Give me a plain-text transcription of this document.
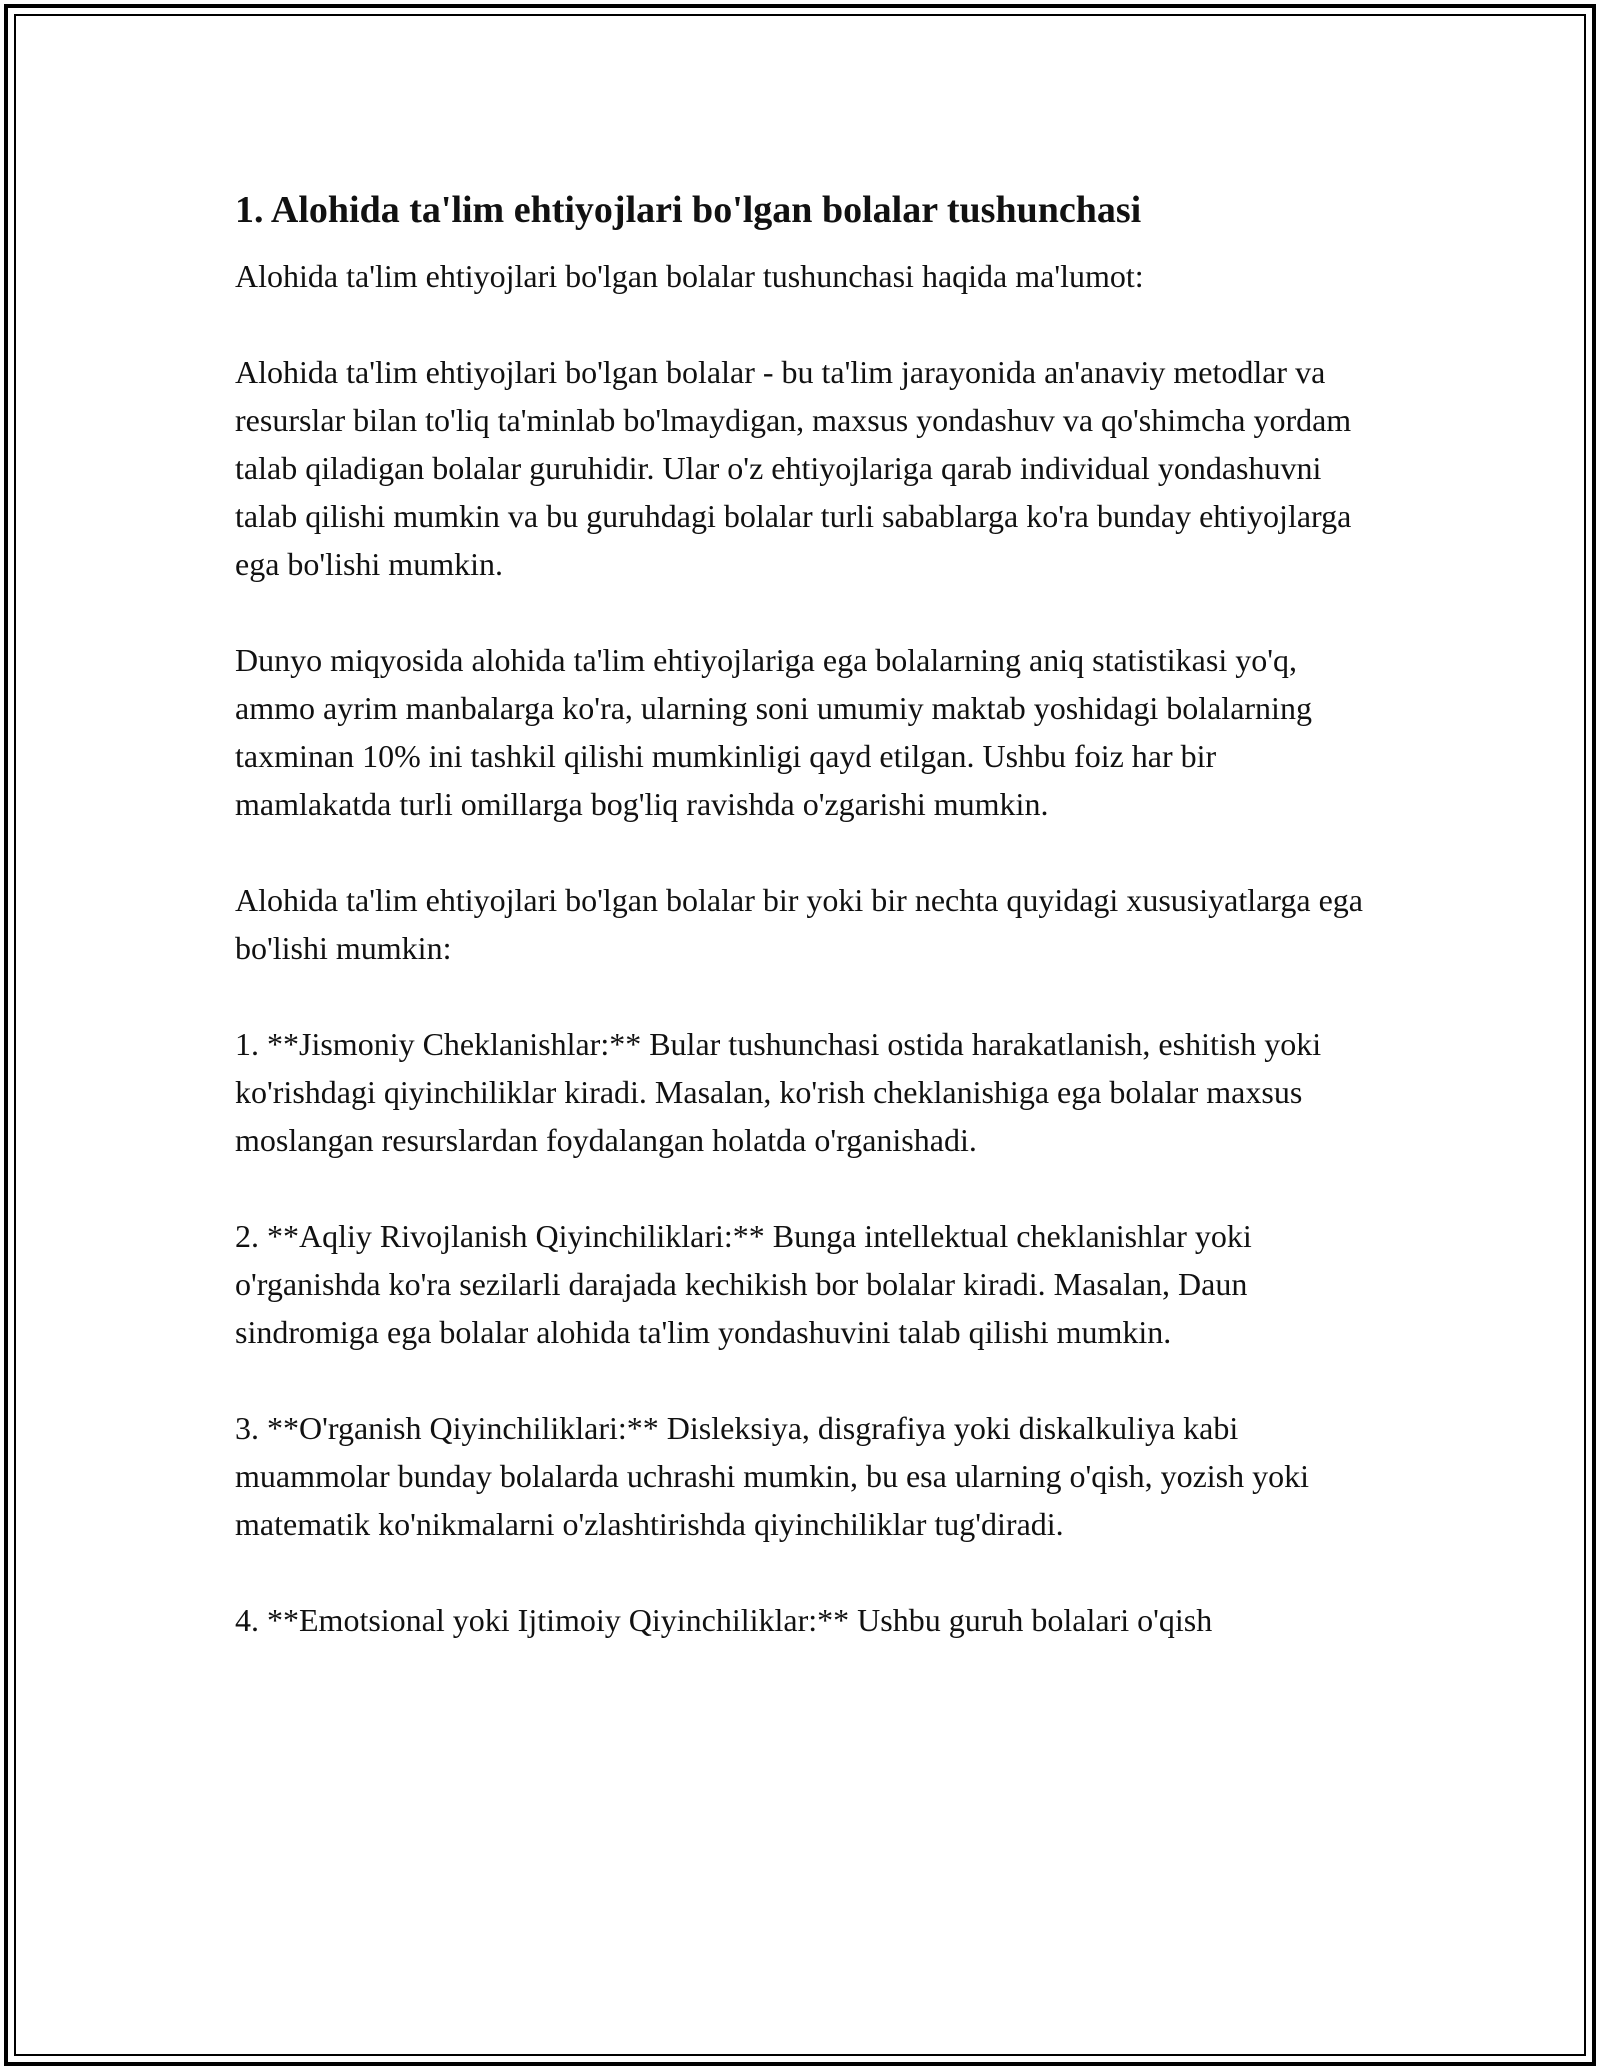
1. Alohida ta'lim ehtiyojlari bo'lgan bolalar tushunchasi

Alohida ta'lim ehtiyojlari bo'lgan bolalar tushunchasi haqida ma'lumot:

Alohida ta'lim ehtiyojlari bo'lgan bolalar - bu ta'lim jarayonida an'anaviy metodlar va resurslar bilan to'liq ta'minlab bo'lmaydigan, maxsus yondashuv va qo'shimcha yordam talab qiladigan bolalar guruhidir. Ular o'z ehtiyojlariga qarab individual yondashuvni talab qilishi mumkin va bu guruhdagi bolalar turli sabablarga ko'ra bunday ehtiyojlarga ega bo'lishi mumkin.

Dunyo miqyosida alohida ta'lim ehtiyojlariga ega bolalarning aniq statistikasi yo'q, ammo ayrim manbalarga ko'ra, ularning soni umumiy maktab yoshidagi bolalarning taxminan 10% ini tashkil qilishi mumkinligi qayd etilgan. Ushbu foiz har bir mamlakatda turli omillarga bog'liq ravishda o'zgarishi mumkin.

Alohida ta'lim ehtiyojlari bo'lgan bolalar bir yoki bir nechta quyidagi xususiyatlarga ega bo'lishi mumkin:

1. **Jismoniy Cheklanishlar:** Bular tushunchasi ostida harakatlanish, eshitish yoki ko'rishdagi qiyinchiliklar kiradi. Masalan, ko'rish cheklanishiga ega bolalar maxsus moslangan resurslardan foydalangan holatda o'rganishadi.

2. **Aqliy Rivojlanish Qiyinchiliklari:** Bunga intellektual cheklanishlar yoki o'rganishda ko'ra sezilarli darajada kechikish bor bolalar kiradi. Masalan, Daun sindromiga ega bolalar alohida ta'lim yondashuvini talab qilishi mumkin.

3. **O'rganish Qiyinchiliklari:** Disleksiya, disgrafiya yoki diskalkuliya kabi muammolar bunday bolalarda uchrashi mumkin, bu esa ularning o'qish, yozish yoki matematik ko'nikmalarni o'zlashtirishda qiyinchiliklar tug'diradi.

4. **Emotsional yoki Ijtimoiy Qiyinchiliklar:** Ushbu guruh bolalari o'qish
